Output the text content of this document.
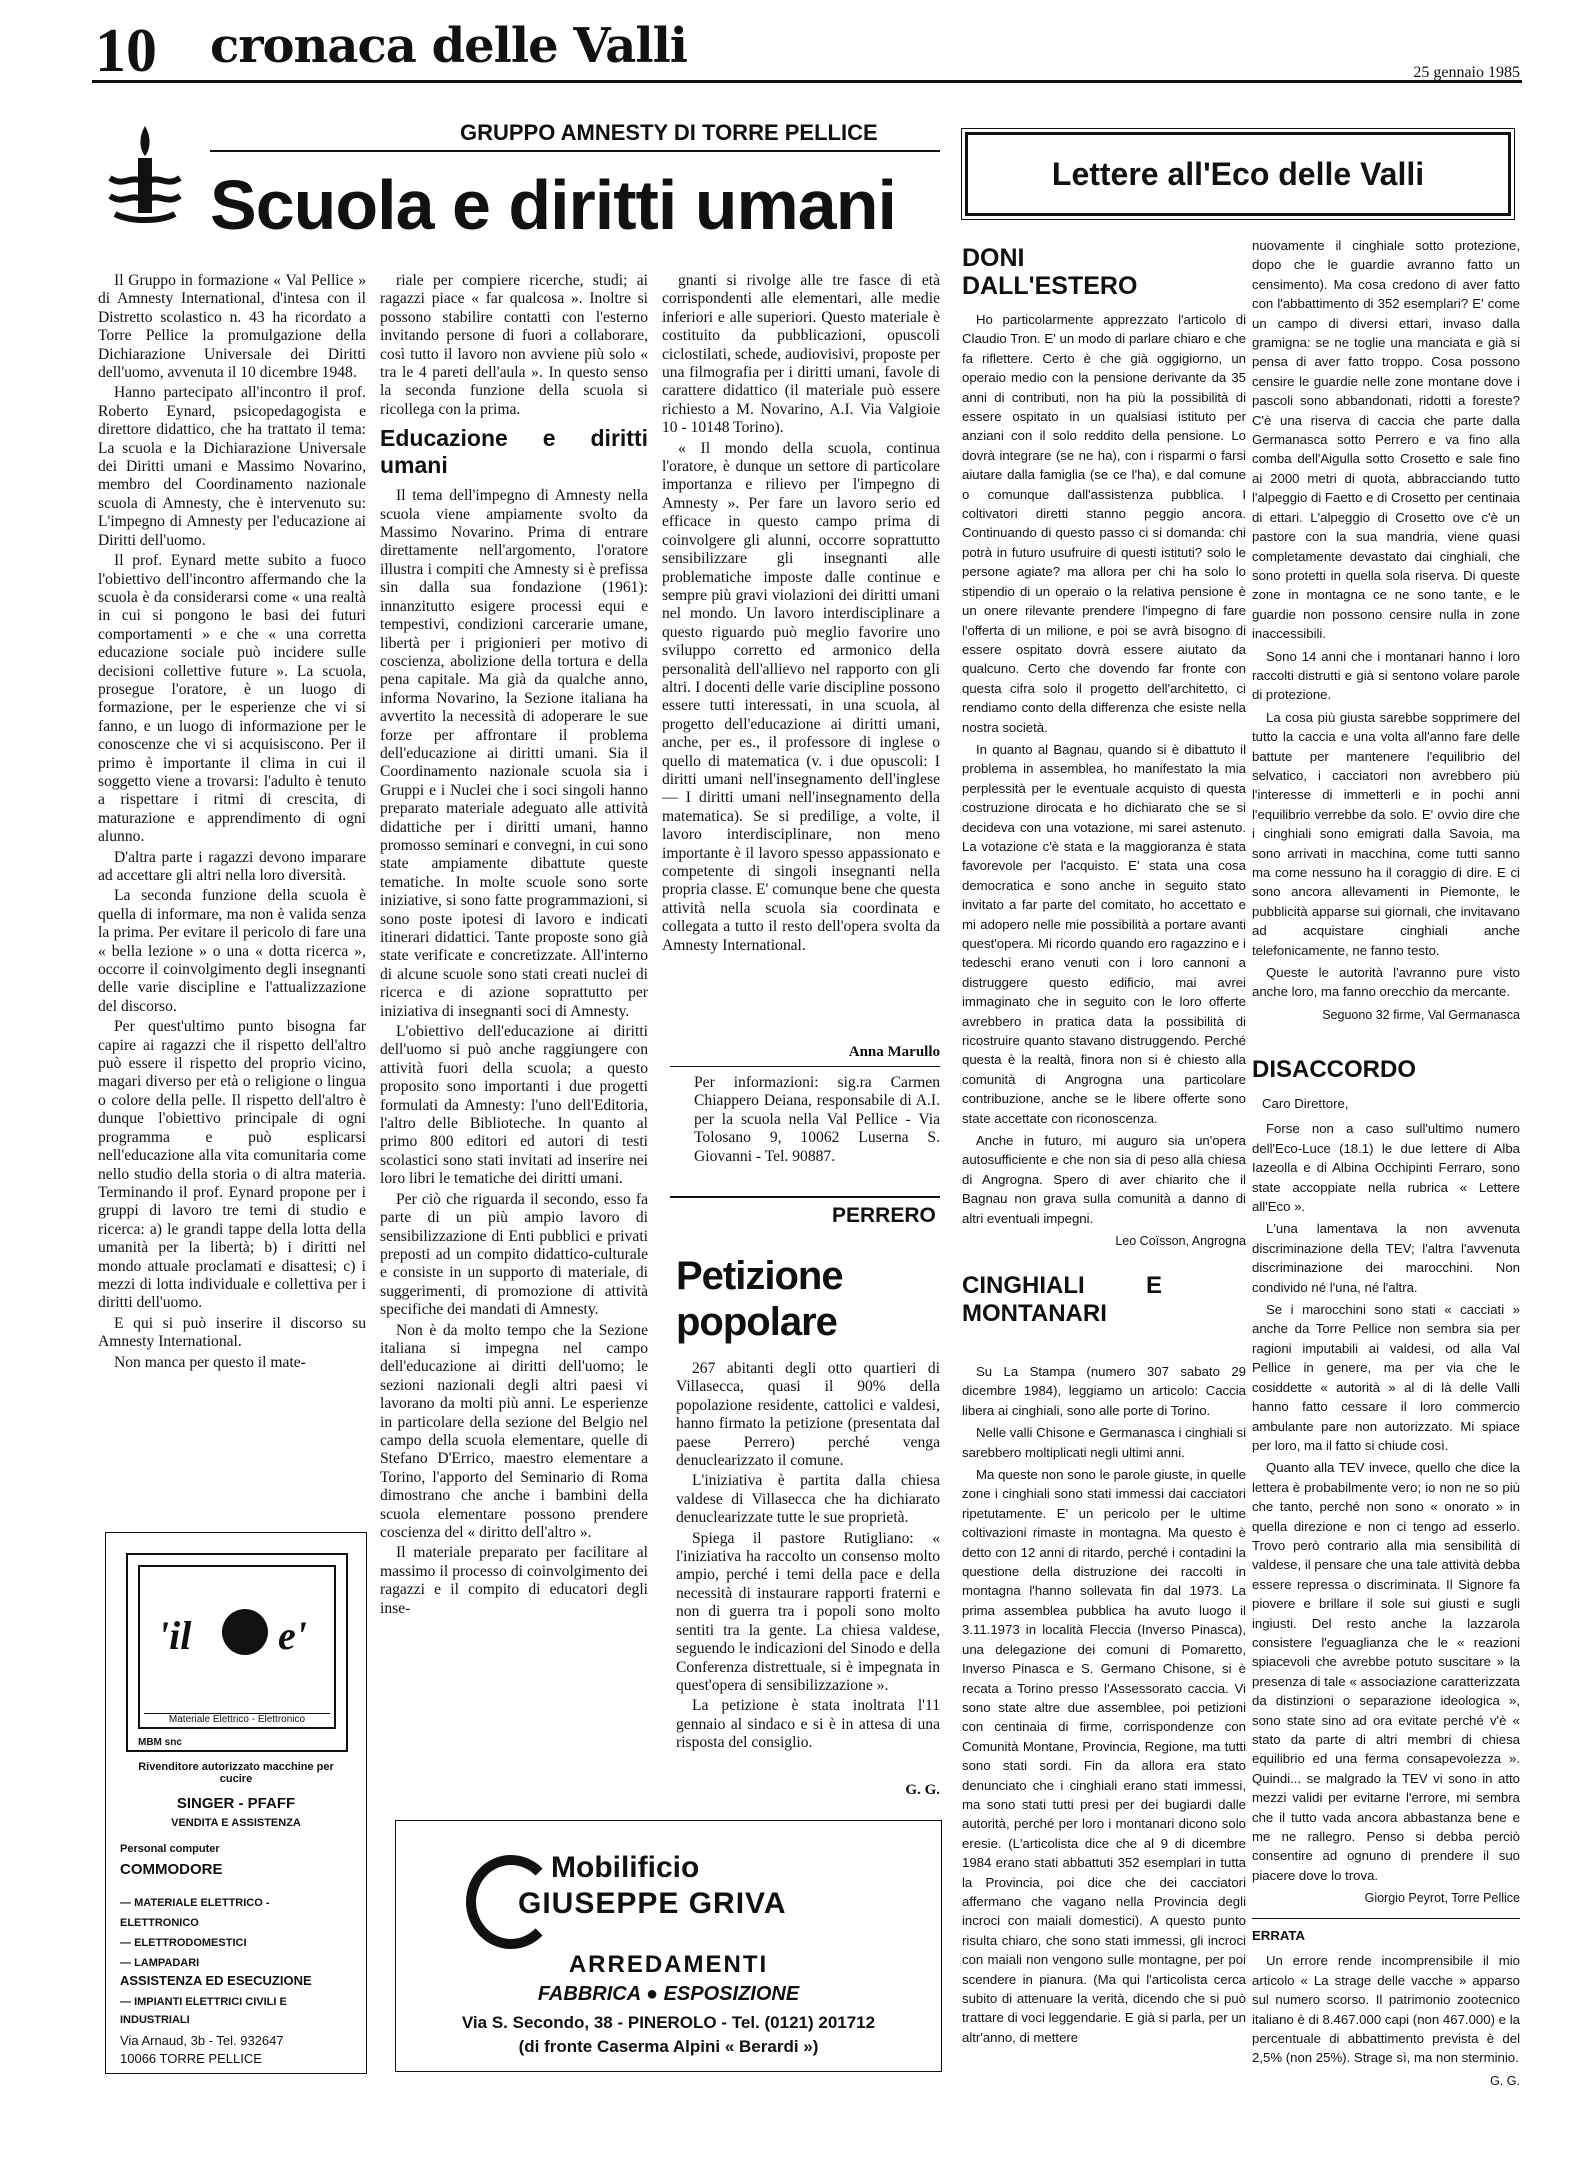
10 cronaca delle Valli	25 gennaio 1985
GRUPPO AMNESTY DI TORRE PELLICE
Scuola e diritti umani

Il Gruppo in formazione « Val Pellice » di Amnesty International, d'intesa con il Distretto scolastico n. 43 ha ricordato a Torre Pellice la promulgazione della Dichiarazione Universale dei Diritti dell'uomo, avvenuta il 10 dicembre 1948.

Hanno partecipato all'incontro il prof. Roberto Eynard, psicopedagogista e direttore didattico, che ha trattato il tema: La scuola e la Dichiarazione Universale dei Diritti umani e Massimo Novarino, membro del Coordinamento nazionale scuola di Amnesty, che è intervenuto su: L'impegno di Amnesty per l'educazione ai Diritti dell'uomo.

Il prof. Eynard mette subito a fuoco l'obiettivo dell'incontro affermando che la scuola è da considerarsi come « una realtà in cui si pongono le basi dei futuri comportamenti » e che « una corretta educazione sociale può incidere sulle decisioni collettive future ». La scuola, prosegue l'oratore, è un luogo di formazione, per le esperienze che vi si fanno, e un luogo di informazione per le conoscenze che vi si acquisiscono. Per il primo è importante il clima in cui il soggetto viene a trovarsi: l'adulto è tenuto a rispettare i ritmi di crescita, di maturazione e apprendimento di ogni alunno.

D'altra parte i ragazzi devono imparare ad accettare gli altri nella loro diversità.

La seconda funzione della scuola è quella di informare, ma non è valida senza la prima. Per evitare il pericolo di fare una « bella lezione » o una « dotta ricerca », occorre il coinvolgimento degli insegnanti delle varie discipline e l'attualizzazione del discorso.

Per quest'ultimo punto bisogna far capire ai ragazzi che il rispetto dell'altro può essere il rispetto del proprio vicino, magari diverso per età o religione o lingua o colore della pelle. Il rispetto dell'altro è dunque l'obiettivo principale di ogni programma e può esplicarsi nell'educazione alla vita comunitaria come nello studio della storia o di altra materia. Terminando il prof. Eynard propone per i gruppi di lavoro tre temi di studio e ricerca: a) le grandi tappe della lotta della umanità per la libertà; b) i diritti nel mondo attuale proclamati e disattesi; c) i mezzi di lotta individuale e collettiva per i diritti dell'uomo.

E qui si può inserire il discorso su Amnesty International.

Non manca per questo il mate-

riale per compiere ricerche, studi; ai ragazzi piace « far qualcosa ». Inoltre si possono stabilire contatti con l'esterno invitando persone di fuori a collaborare, così tutto il lavoro non avviene più solo « tra le 4 pareti dell'aula ». In questo senso la seconda funzione della scuola si ricollega con la prima.

Educazione e diritti umani

Il tema dell'impegno di Amnesty nella scuola viene ampiamente svolto da Massimo Novarino. Prima di entrare direttamente nell'argomento, l'oratore illustra i compiti che Amnesty si è prefissa sin dalla sua fondazione (1961): innanzitutto esigere processi equi e tempestivi, condizioni carcerarie umane, libertà per i prigionieri per motivo di coscienza, abolizione della tortura e della pena capitale. Ma già da qualche anno, informa Novarino, la Sezione italiana ha avvertito la necessità di adoperare le sue forze per affrontare il problema dell'educazione ai diritti umani. Sia il Coordinamento nazionale scuola sia i Gruppi e i Nuclei che i soci singoli hanno preparato materiale adeguato alle attività didattiche per i diritti umani, hanno promosso seminari e convegni, in cui sono state ampiamente dibattute queste tematiche. In molte scuole sono sorte iniziative, si sono fatte programmazioni, si sono poste ipotesi di lavoro e indicati itinerari didattici. Tante proposte sono già state verificate e concretizzate. All'interno di alcune scuole sono stati creati nuclei di ricerca e di azione soprattutto per iniziativa di insegnanti soci di Amnesty.

L'obiettivo dell'educazione ai diritti dell'uomo si può anche raggiungere con attività fuori della scuola; a questo proposito sono importanti i due progetti formulati da Amnesty: l'uno dell'Editoria, l'altro delle Biblioteche. In quanto al primo 800 editori ed autori di testi scolastici sono stati invitati ad inserire nei loro libri le tematiche dei diritti umani.

Per ciò che riguarda il secondo, esso fa parte di un più ampio lavoro di sensibilizzazione di Enti pubblici e privati preposti ad un compito didattico-culturale e consiste in un supporto di materiale, di suggerimenti, di promozione di attività specifiche dei mandati di Amnesty.

Non è da molto tempo che la Sezione italiana si impegna nel campo dell'educazione ai diritti dell'uomo; le sezioni nazionali degli altri paesi vi lavorano da molti più anni. Le esperienze in particolare della sezione del Belgio nel campo della scuola elementare, quelle di Stefano D'Errico, maestro elementare a Torino, l'apporto del Seminario di Roma dimostrano che anche i bambini della scuola elementare possono prendere coscienza del « diritto dell'altro ».

Il materiale preparato per facilitare al massimo il processo di coinvolgimento dei ragazzi e il compito di educatori degli inse-

gnanti si rivolge alle tre fasce di età corrispondenti alle elementari, alle medie inferiori e alle superiori. Questo materiale è costituito da pubblicazioni, opuscoli ciclostilati, schede, audiovisivi, proposte per una filmografia per i diritti umani, favole di carattere didattico (il materiale può essere richiesto a M. Novarino, A.I. Via Valgioie 10 - 10148 Torino).

« Il mondo della scuola, continua l'oratore, è dunque un settore di particolare importanza e rilievo per l'impegno di Amnesty ». Per fare un lavoro serio ed efficace in questo campo prima di coinvolgere gli alunni, occorre soprattutto sensibilizzare gli insegnanti alle problematiche imposte dalle continue e sempre più gravi violazioni dei diritti umani nel mondo. Un lavoro interdisciplinare a questo riguardo può meglio favorire uno sviluppo corretto ed armonico della personalità dell'allievo nel rapporto con gli altri. I docenti delle varie discipline possono essere tutti interessati, in una scuola, al progetto dell'educazione ai diritti umani, anche, per es., il professore di inglese o quello di matematica (v. i due opuscoli: I diritti umani nell'insegnamento dell'inglese — I diritti umani nell'insegnamento della matematica). Se si predilige, a volte, il lavoro interdisciplinare, non meno importante è il lavoro spesso appassionato e competente di singoli insegnanti nella propria classe. E' comunque bene che questa attività nella scuola sia coordinata e collegata a tutto il resto dell'opera svolta da Amnesty International.

Anna Marullo
Per informazioni: sig.ra Carmen Chiappero Deiana, responsabile di A.I. per la scuola nella Val Pellice - Via Tolosano 9, 10062 Luserna S. Giovanni - Tel. 90887.
PERRERO
Petizione
popolare

267 abitanti degli otto quartieri di Villasecca, quasi il 90% della popolazione residente, cattolici e valdesi, hanno firmato la petizione (presentata dal paese Perrero) perché venga denuclearizzato il comune.

L'iniziativa è partita dalla chiesa valdese di Villasecca che ha dichiarato denuclearizzate tutte le sue proprietà.

Spiega il pastore Rutigliano: « l'iniziativa ha raccolto un consenso molto ampio, perché i temi della pace e della necessità di instaurare rapporti fraterni e non di guerra tra i popoli sono molto sentiti tra la gente. La chiesa valdese, seguendo le indicazioni del Sinodo e della Conferenza distrettuale, si è impegnata in quest'opera di sensibilizzazione ».

La petizione è stata inoltrata l'11 gennaio al sindaco e si è in attesa di una risposta del consiglio.

G. G.
Lettere all'Eco delle Valli
DONI DALL'ESTERO

Ho particolarmente apprezzato l'articolo di Claudio Tron. E' un modo di parlare chiaro e che fa riflettere. Certo è che già oggigiorno, un operaio medio con la pensione derivante da 35 anni di contributi, non ha più la possibilità di essere ospitato in un qualsiasi istituto per anziani con il solo reddito della pensione. Lo dovrà integrare (se ne ha), con i risparmi o farsi aiutare dalla famiglia (se ce l'ha), e dal comune o comunque dall'assistenza pubblica. I coltivatori diretti stanno peggio ancora. Continuando di questo passo ci si domanda: chi potrà in futuro usufruire di questi istituti? solo le persone agiate? ma allora per chi ha solo lo stipendio di un operaio o la relativa pensione è un onere rilevante prendere l'impegno di fare l'offerta di un milione, e poi se avrà bisogno di essere ospitato dovrà essere aiutato da qualcuno. Certo che dovendo far fronte con questa cifra solo il progetto dell'architetto, ci rendiamo conto della differenza che esiste nella nostra società.

In quanto al Bagnau, quando si è dibattuto il problema in assemblea, ho manifestato la mia perplessità per le eventuale acquisto di questa costruzione dirocata e ho dichiarato che se si decideva con una votazione, mi sarei astenuto. La votazione c'è stata e la maggioranza è stata favorevole per l'acquisto. E' stata una cosa democratica e sono anche in seguito stato invitato a far parte del comitato, ho accettato e mi adopero nelle mie possibilità a portare avanti quest'opera. Mi ricordo quando ero ragazzino e i tedeschi erano venuti con i loro cannoni a distruggere questo edificio, mai avrei immaginato che in seguito con le loro offerte avrebbero in pratica data la possibilità di ricostruire quanto stavano distruggendo. Perché questa è la realtà, finora non si è chiesto alla comunità di Angrogna una particolare contribuzione, anche se le libere offerte sono state accettate con riconoscenza.

Anche in futuro, mi auguro sia un'opera autosufficiente e che non sia di peso alla chiesa di Angrogna. Spero di aver chiarito che il Bagnau non grava sulla comunità a danno di altri eventuali impegni.

Leo Coïsson, Angrogna
CINGHIALI E MONTANARI

Su La Stampa (numero 307 sabato 29 dicembre 1984), leggiamo un articolo: Caccia libera ai cinghiali, sono alle porte di Torino.

Nelle valli Chisone e Germanasca i cinghiali si sarebbero moltiplicati negli ultimi anni.

Ma queste non sono le parole giuste, in quelle zone i cinghiali sono stati immessi dai cacciatori ripetutamente. E' un pericolo per le ultime coltivazioni rimaste in montagna. Ma questo è detto con 12 anni di ritardo, perché i contadini la questione della distruzione dei raccolti in montagna l'hanno sollevata fin dal 1973. La prima assemblea pubblica ha avuto luogo il 3.11.1973 in località Fleccia (Inverso Pinasca), una delegazione dei comuni di Pomaretto, Inverso Pinasca e S. Germano Chisone, si è recata a Torino presso l'Assessorato caccia. Vi sono state altre due assemblee, poi petizioni con centinaia di firme, corrispondenze con Comunità Montane, Provincia, Regione, ma tutti sono stati sordi. Fin da allora era stato denunciato che i cinghiali erano stati immessi, ma sono stati tutti presi per dei bugiardi dalle autorità, perché per loro i montanari dicono solo eresie. (L'articolista dice che al 9 di dicembre 1984 erano stati abbattuti 352 esemplari in tutta la Provincia, poi dice che dei cacciatori affermano che vagano nella Provincia degli incroci con maiali domestici). A questo punto risulta chiaro, che sono stati immessi, gli incroci con maiali non vengono sulle montagne, per poi scendere in pianura. (Ma qui l'articolista cerca subito di attenuare la verità, dicendo che si può trattare di voci leggendarie. E già si parla, per un altr'anno, di mettere

nuovamente il cinghiale sotto protezione, dopo che le guardie avranno fatto un censimento). Ma cosa credono di aver fatto con l'abbattimento di 352 esemplari? E' come un campo di diversi ettari, invaso dalla gramigna: se ne toglie una manciata e già si pensa di aver fatto troppo. Cosa possono censire le guardie nelle zone montane dove i pascoli sono abbandonati, ridotti a foreste? C'è una riserva di caccia che parte dalla Germanasca sotto Perrero e va fino alla comba dell'Aigulla sotto Crosetto e sale fino ai 2000 metri di quota, abbracciando tutto l'alpeggio di Faetto e di Crosetto per centinaia di ettari. L'alpeggio di Crosetto ove c'è un pastore con la sua mandria, viene quasi completamente devastato dai cinghiali, che sono protetti in quella sola riserva. Di queste zone in montagna ce ne sono tante, e le guardie non possono censire nulla in zone inaccessibili.

Sono 14 anni che i montanari hanno i loro raccolti distrutti e già si sentono volare parole di protezione.

La cosa più giusta sarebbe sopprimere del tutto la caccia e una volta all'anno fare delle battute per mantenere l'equilibrio del selvatico, i cacciatori non avrebbero più l'interesse di immetterli e in pochi anni l'equilibrio verrebbe da solo. E' ovvio dire che i cinghiali sono emigrati dalla Savoia, ma sono arrivati in macchina, come tutti sanno ma come nessuno ha il coraggio di dire. E ci sono ancora allevamenti in Piemonte, le pubblicità apparse sui giornali, che invitavano ad acquistare cinghiali anche telefonicamente, ne fanno testo.

Queste le autorità l'avranno pure visto anche loro, ma fanno orecchio da mercante.

Seguono 32 firme, Val Germanasca
DISACCORDO
Caro Direttore,

Forse non a caso sull'ultimo numero dell'Eco-Luce (18.1) le due lettere di Alba Iazeolla e di Albina Occhipinti Ferraro, sono state accoppiate nella rubrica « Lettere all'Eco ».

L'una lamentava la non avvenuta discriminazione della TEV; l'altra l'avvenuta discriminazione dei marocchini. Non condivido né l'una, né l'altra.

Se i marocchini sono stati « cacciati » anche da Torre Pellice non sembra sia per ragioni imputabili ai valdesi, od alla Val Pellice in genere, ma per via che le cosiddette « autorità » al di là delle Valli hanno fatto cessare il loro commercio ambulante pare non autorizzato. Mi spiace per loro, ma il fatto si chiude così.

Quanto alla TEV invece, quello che dice la lettera è probabilmente vero; io non ne so più che tanto, perché non sono « onorato » in quella direzione e non ci tengo ad esserlo. Trovo però contrario alla mia sensibilità di valdese, il pensare che una tale attività debba essere repressa o discriminata. Il Signore fa piovere e brillare il sole sui giusti e sugli ingiusti. Del resto anche la lazzarola consistere l'eguaglianza che le « reazioni spiacevoli che avrebbe potuto suscitare » la presenza di tale « associazione caratterizzata da distinzioni o separazione ideologica », sono state sino ad ora evitate perché v'è « stato da parte di altri membri di chiesa equilibrio ed una ferma consapevolezza ». Quindi... se malgrado la TEV vi sono in atto mezzi validi per evitarne l'errore, mi sembra che il tutto vada ancora abbastanza bene e me ne rallegro. Penso si debba perciò consentire ad ognuno di prendere il suo piacere dove lo trova.

Giorgio Peyrot, Torre Pellice
ERRATA

Un errore rende incomprensibile il mio articolo « La strage delle vacche » apparso sul numero scorso. Il patrimonio zootecnico italiano è di 8.467.000 capi (non 467.000) e la percentuale di abbattimento prevista è del 2,5% (non 25%). Strage sì, ma non sterminio.

G. G.
'il e'
Materiale Elettrico - Elettronico
MBM snc
Rivenditore autorizzato macchine per cucire
SINGER - PFAFF
VENDITA E ASSISTENZA
Personal computer
COMMODORE
— MATERIALE ELETTRICO - ELETTRONICO
— ELETTRODOMESTICI
— LAMPADARI
ASSISTENZA ED ESECUZIONE
— IMPIANTI ELETTRICI CIVILI E INDUSTRIALI
Via Arnaud, 3b - Tel. 932647
10066 TORRE PELLICE
Mobilificio
GIUSEPPE GRIVA
ARREDAMENTI
FABBRICA ● ESPOSIZIONE
Via S. Secondo, 38 - PINEROLO - Tel. (0121) 201712
(di fronte Caserma Alpini « Berardi »)
